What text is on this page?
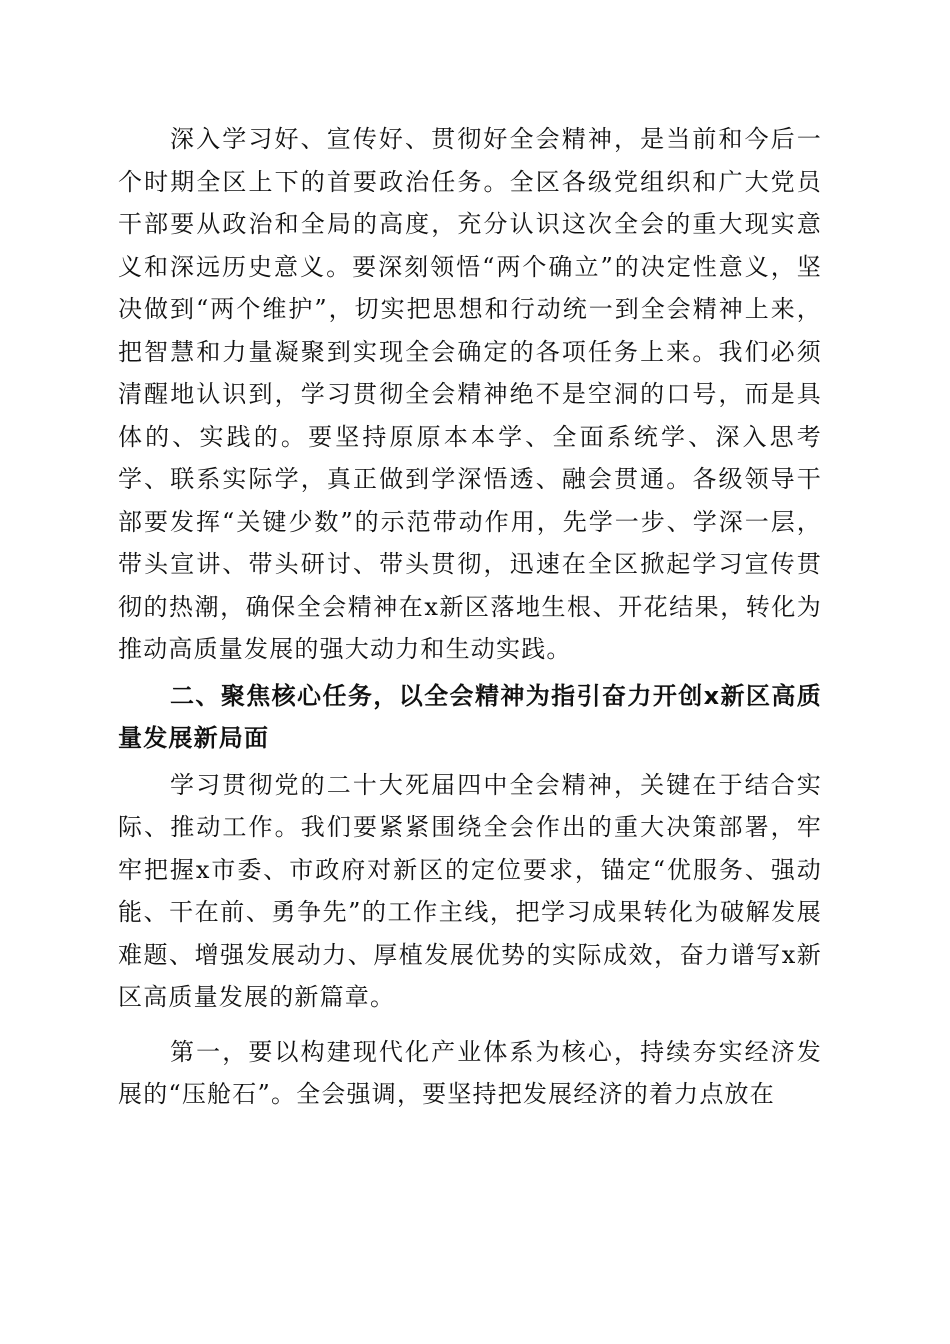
深入学习好、宣传好、贯彻好全会精神，是当前和今后一个时期全区上下的首要政治任务。全区各级党组织和广大党员干部要从政治和全局的高度，充分认识这次全会的重大现实意义和深远历史意义。要深刻领悟“两个确立”的决定性意义，坚决做到“两个维护”，切实把思想和行动统一到全会精神上来，把智慧和力量凝聚到实现全会确定的各项任务上来。我们必须清醒地认识到，学习贯彻全会精神绝不是空洞的口号，而是具体的、实践的。要坚持原原本本学、全面系统学、深入思考学、联系实际学，真正做到学深悟透、融会贯通。各级领导干部要发挥“关键少数”的示范带动作用，先学一步、学深一层，带头宣讲、带头研讨、带头贯彻，迅速在全区掀起学习宣传贯彻的热潮，确保全会精神在x新区落地生根、开花结果，转化为推动高质量发展的强大动力和生动实践。

二、聚焦核心任务，以全会精神为指引奋力开创x新区高质量发展新局面

学习贯彻党的二十大死届四中全会精神，关键在于结合实际、推动工作。我们要紧紧围绕全会作出的重大决策部署，牢牢把握x市委、市政府对新区的定位要求，锚定“优服务、强动能、干在前、勇争先”的工作主线，把学习成果转化为破解发展难题、增强发展动力、厚植发展优势的实际成效，奋力谱写x新区高质量发展的新篇章。

第一，要以构建现代化产业体系为核心，持续夯实经济发展的“压舱石”。全会强调，要坚持把发展经济的着力点放在
